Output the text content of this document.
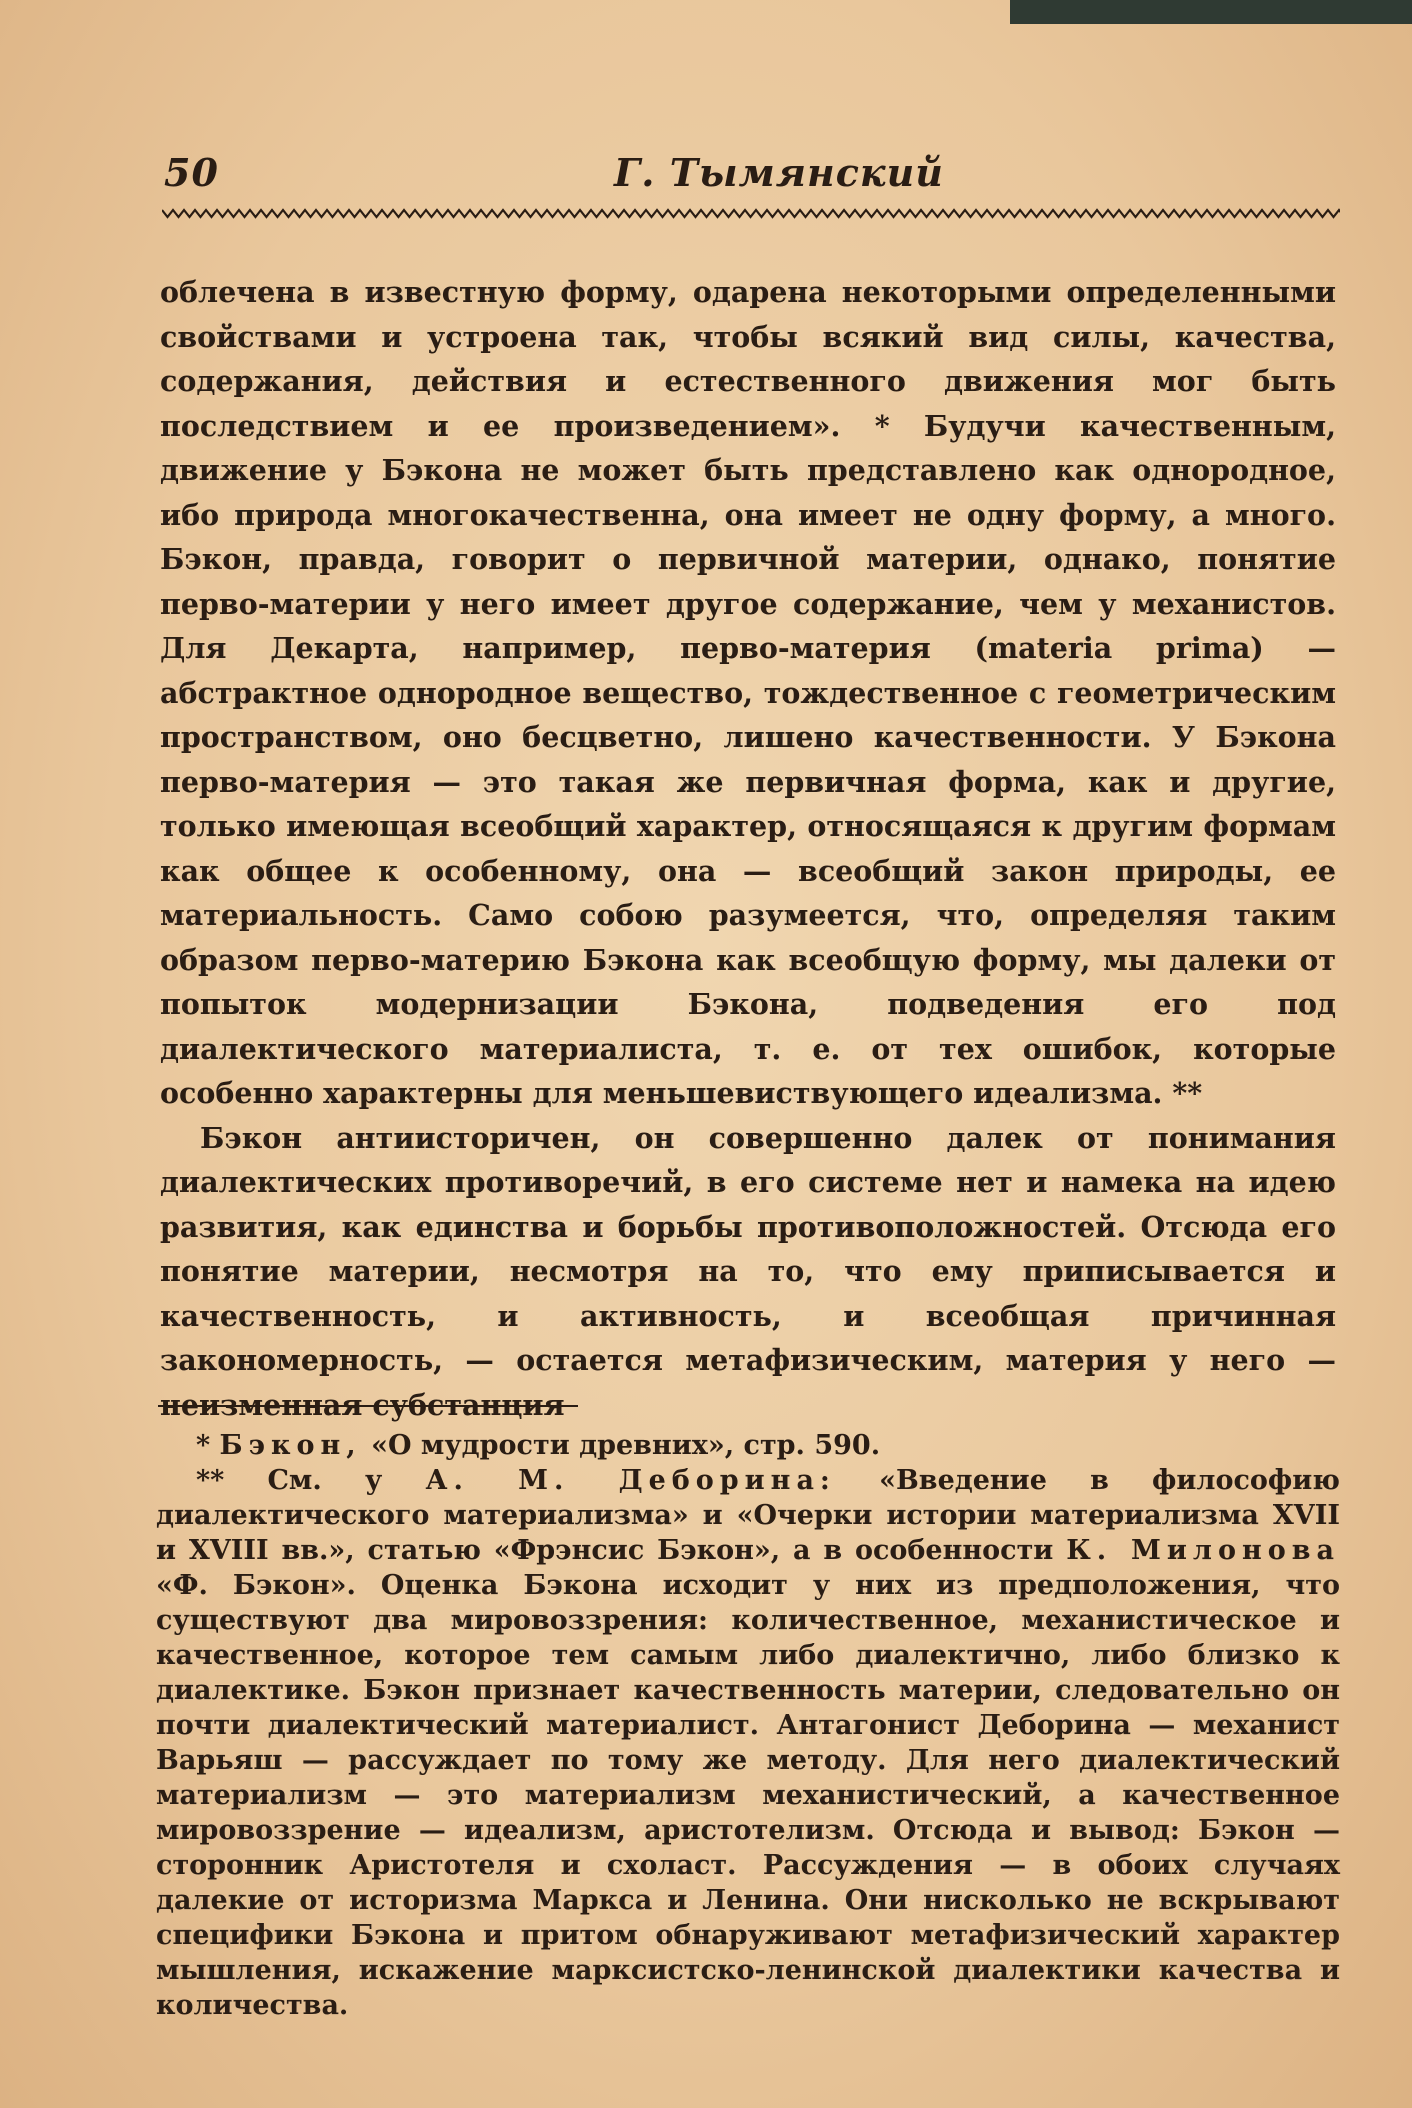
50	Г. Тымянский

облечена в известную форму, одарена некоторыми определенными свойствами и устроена так, чтобы всякий вид силы, качества, содержания, действия и естественного движения мог быть последствием и ее произведением». * Будучи качественным, движение у Бэкона не может быть представлено как однородное, ибо природа многокачественна, она имеет не одну форму, а много. Бэкон, правда, говорит о первичной материи, однако, понятие перво-материи у него имеет другое содержание, чем у механистов. Для Декарта, например, перво-материя (materia prima) — абстрактное однородное вещество, тождественное с геометрическим пространством, оно бесцветно, лишено качественности. У Бэкона перво-материя — это такая же первичная форма, как и другие, только имеющая всеобщий характер, относящаяся к другим формам как общее к особенному, она — всеобщий закон природы, ее материальность. Само собою разумеется, что, определяя таким образом перво-материю Бэкона как всеобщую форму, мы далеки от попыток модернизации Бэкона, подведения его под диалектического материалиста, т. е. от тех ошибок, которые особенно характерны для меньшевиствующего идеализма. **

Бэкон антиисторичен, он совершенно далек от понимания диалектических противоречий, в его системе нет и намека на идею развития, как единства и борьбы противоположностей. Отсюда его понятие материи, несмотря на то, что ему приписывается и качественность, и активность, и всеобщая причинная закономерность, — остается метафизическим, материя у него — неизменная субстанция

* Бэкон, «О мудрости древних», стр. 590.

** См. у А. М. Деборина: «Введение в философию диалектического материализма» и «Очерки истории материализма XVII и XVIII вв.», статью «Фрэнсис Бэкон», а в особенности К. Милонова «Ф. Бэкон». Оценка Бэкона исходит у них из предположения, что существуют два мировоззрения: количественное, механистическое и качественное, которое тем самым либо диалектично, либо близко к диалектике. Бэкон признает качественность материи, следовательно он почти диалектический материалист. Антагонист Деборина — механист Варьяш — рассуждает по тому же методу. Для него диалектический материализм — это материализм механистический, а качественное мировоззрение — идеализм, аристотелизм. Отсюда и вывод: Бэкон — сторонник Аристотеля и схоласт. Рассуждения — в обоих случаях далекие от историзма Маркса и Ленина. Они нисколько не вскрывают специфики Бэкона и притом обнаруживают метафизический характер мышления, искажение марксистско-ленинской диалектики качества и количества.
